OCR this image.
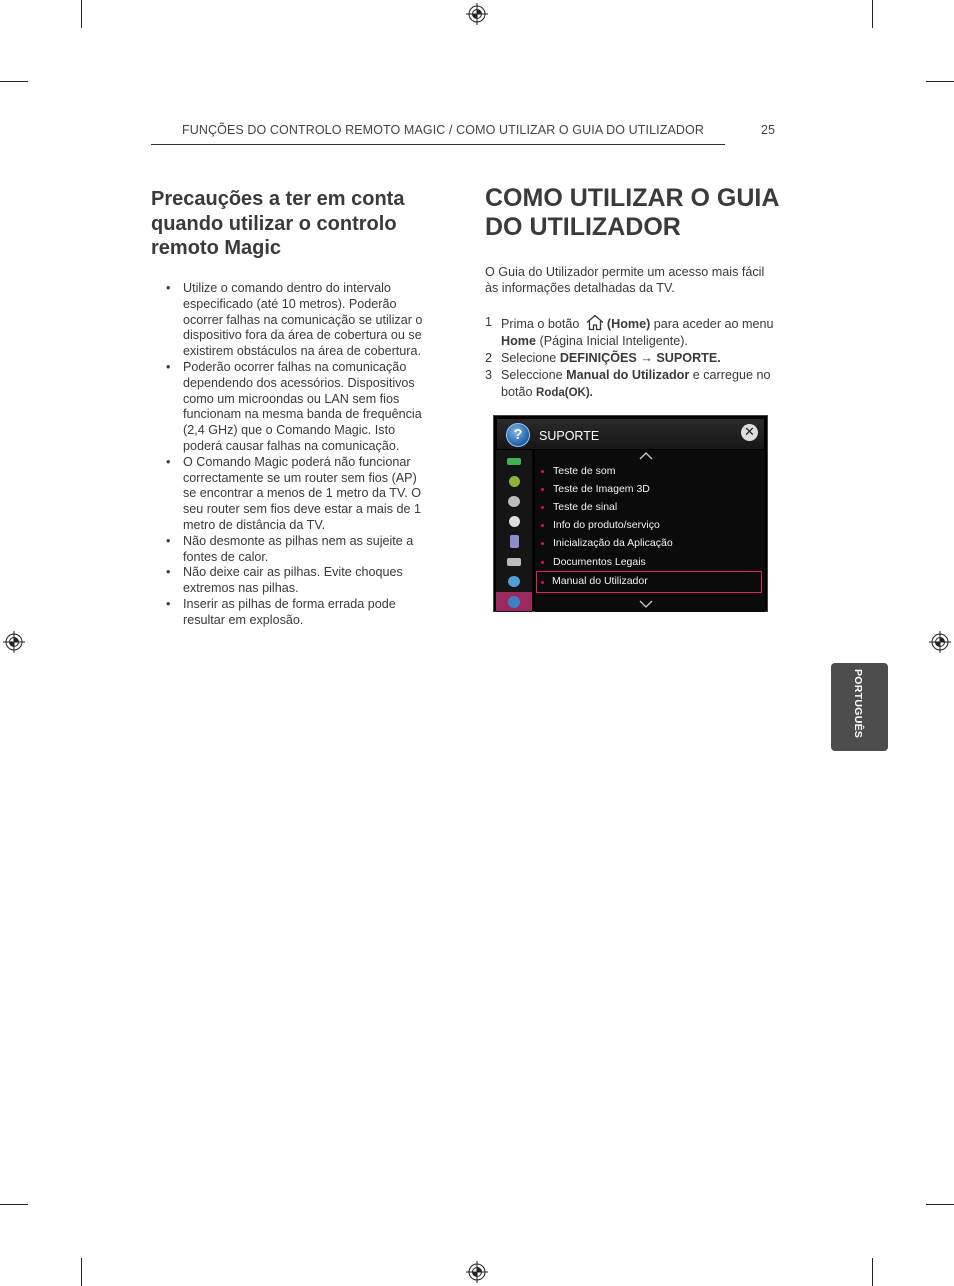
FUNÇÕES DO CONTROLO REMOTO MAGIC / COMO UTILIZAR O GUIA DO UTILIZADOR	25
Precauções a ter em conta quando utilizar o controlo remoto Magic
• Utilize o comando dentro do intervalo especificado (até 10 metros). Poderão ocorrer falhas na comunicação se utilizar o dispositivo fora da área de cobertura ou se existirem obstáculos na área de cobertura.
• Poderão ocorrer falhas na comunicação dependendo dos acessórios. Dispositivos como um microondas ou LAN sem fios funcionam na mesma banda de frequência (2,4 GHz) que o Comando Magic. Isto poderá causar falhas na comunicação.
• O Comando Magic poderá não funcionar correctamente se um router sem fios (AP) se encontrar a menos de 1 metro da TV. O seu router sem fios deve estar a mais de 1 metro de distância da TV.
• Não desmonte as pilhas nem as sujeite a fontes de calor.
• Não deixe cair as pilhas. Evite choques extremos nas pilhas.
• Inserir as pilhas de forma errada pode resultar em explosão.
COMO UTILIZAR O GUIA DO UTILIZADOR
O Guia do Utilizador permite um acesso mais fácil às informações detalhadas da TV.
1 Prima o botão (Home) para aceder ao menu Home (Página Inicial Inteligente).
2 Selecione DEFINIÇÕES → SUPORTE.
3 Seleccione Manual do Utilizador e carregue no botão Roda(OK).
?	SUPORTE	✕
Teste de som
Teste de Imagem 3D
Teste de sinal
Info do produto/serviço
Inicialização da Aplicação
Documentos Legais
Manual do Utilizador
PORTUGUÊS
